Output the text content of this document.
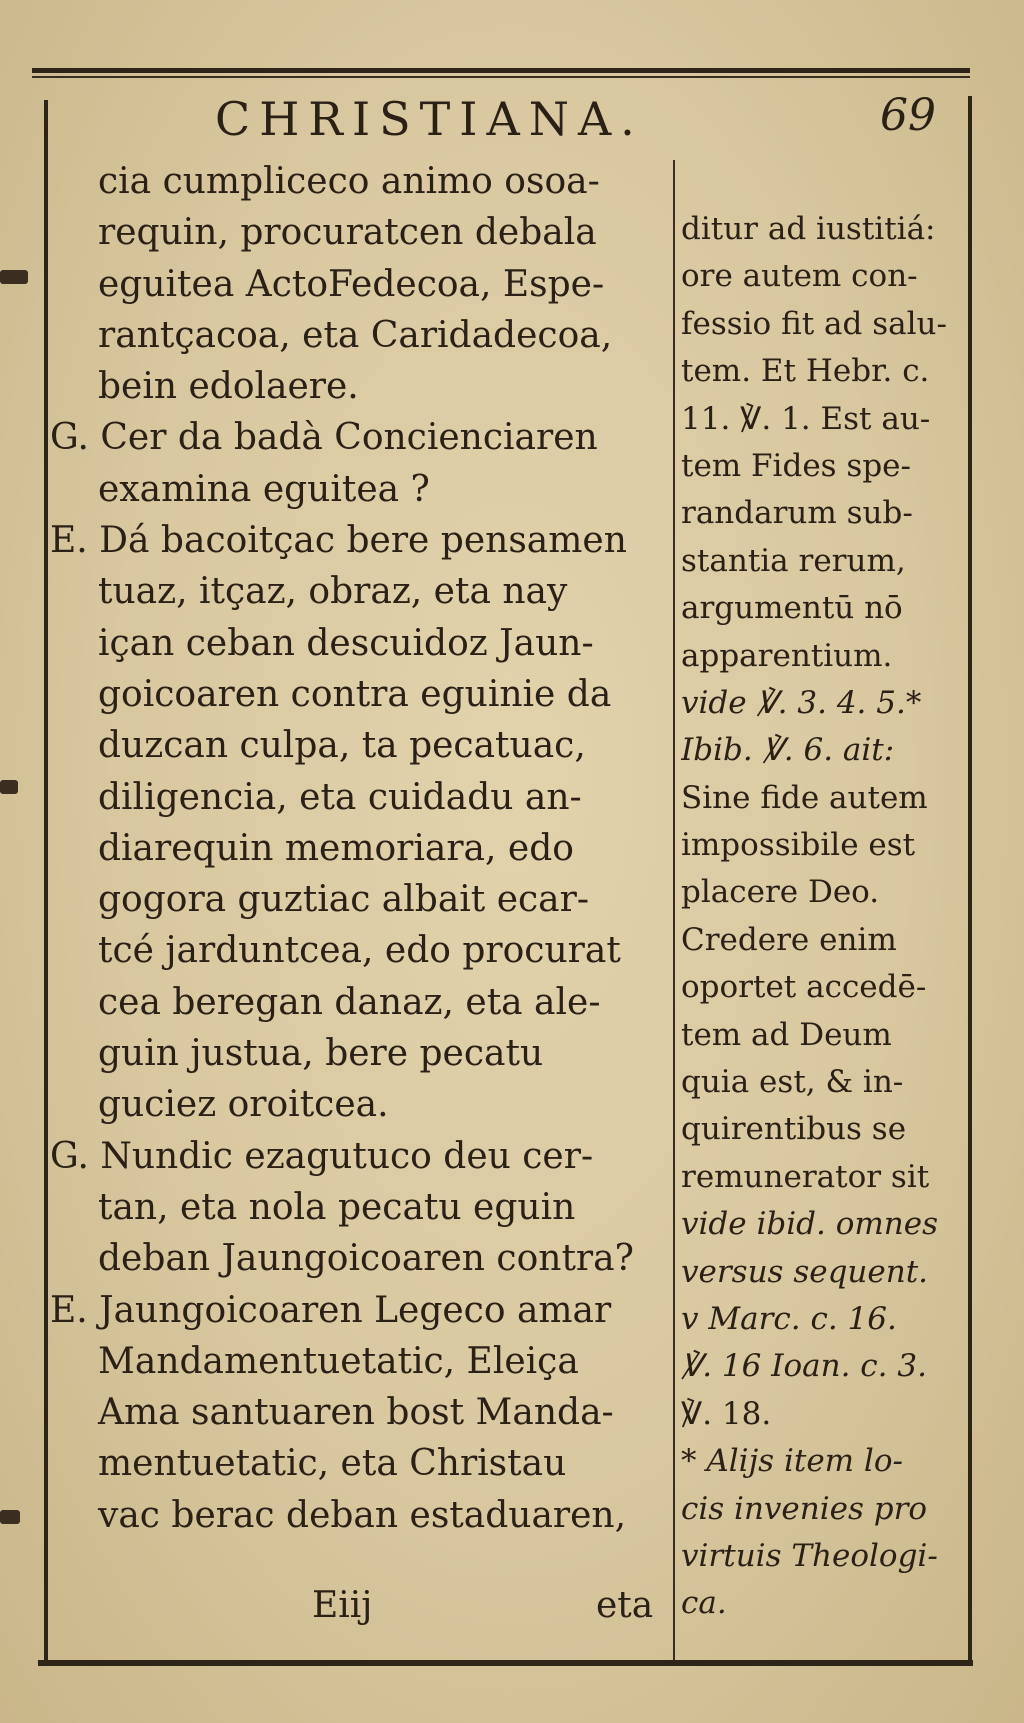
CHRISTIANA.	69
cia cumpliceco animo osoa-
requin, procuratcen debala
eguitea ActoFedecoa, Espe-
rantçacoa, eta Caridadecoa,
bein edolaere.
G. Cer da badà Concienciaren
examina eguitea ?
E. Dá bacoitçac bere pensamen
tuaz, itçaz, obraz, eta nay
içan ceban descuidoz Jaun-
goicoaren contra eguinie da
duzcan culpa, ta pecatuac,
diligencia, eta cuidadu an-
diarequin memoriara, edo
gogora guztiac albait ecar-
tcé jarduntcea, edo procurat
cea beregan danaz, eta ale-
guin justua, bere pecatu
guciez oroitcea.
G. Nundic ezagutuco deu cer-
tan, eta nola pecatu eguin
deban Jaungoicoaren contra?
E. Jaungoicoaren Legeco amar
Mandamentuetatic, Eleiça
Ama santuaren bost Manda-
mentuetatic, eta Christau
vac berac deban estaduaren,
Eiij	eta
ditur ad iustitiá:
ore autem con-
fessio fit ad salu-
tem. Et Hebr. c.
11. ℣. 1. Est au-
tem Fides spe-
randarum sub-
stantia rerum,
argumentū nō
apparentium.
vide ℣. 3. 4. 5.*
Ibib. ℣. 6. ait:
Sine fide autem
impossibile est
placere Deo.
Credere enim
oportet accedē-
tem ad Deum
quia est, & in-
quirentibus se
remunerator sit
vide ibid. omnes
versus sequent.
v Marc. c. 16.
℣. 16 Ioan. c. 3.
℣. 18.
* Alijs item lo-
cis invenies pro
virtuis Theologi-
ca.
